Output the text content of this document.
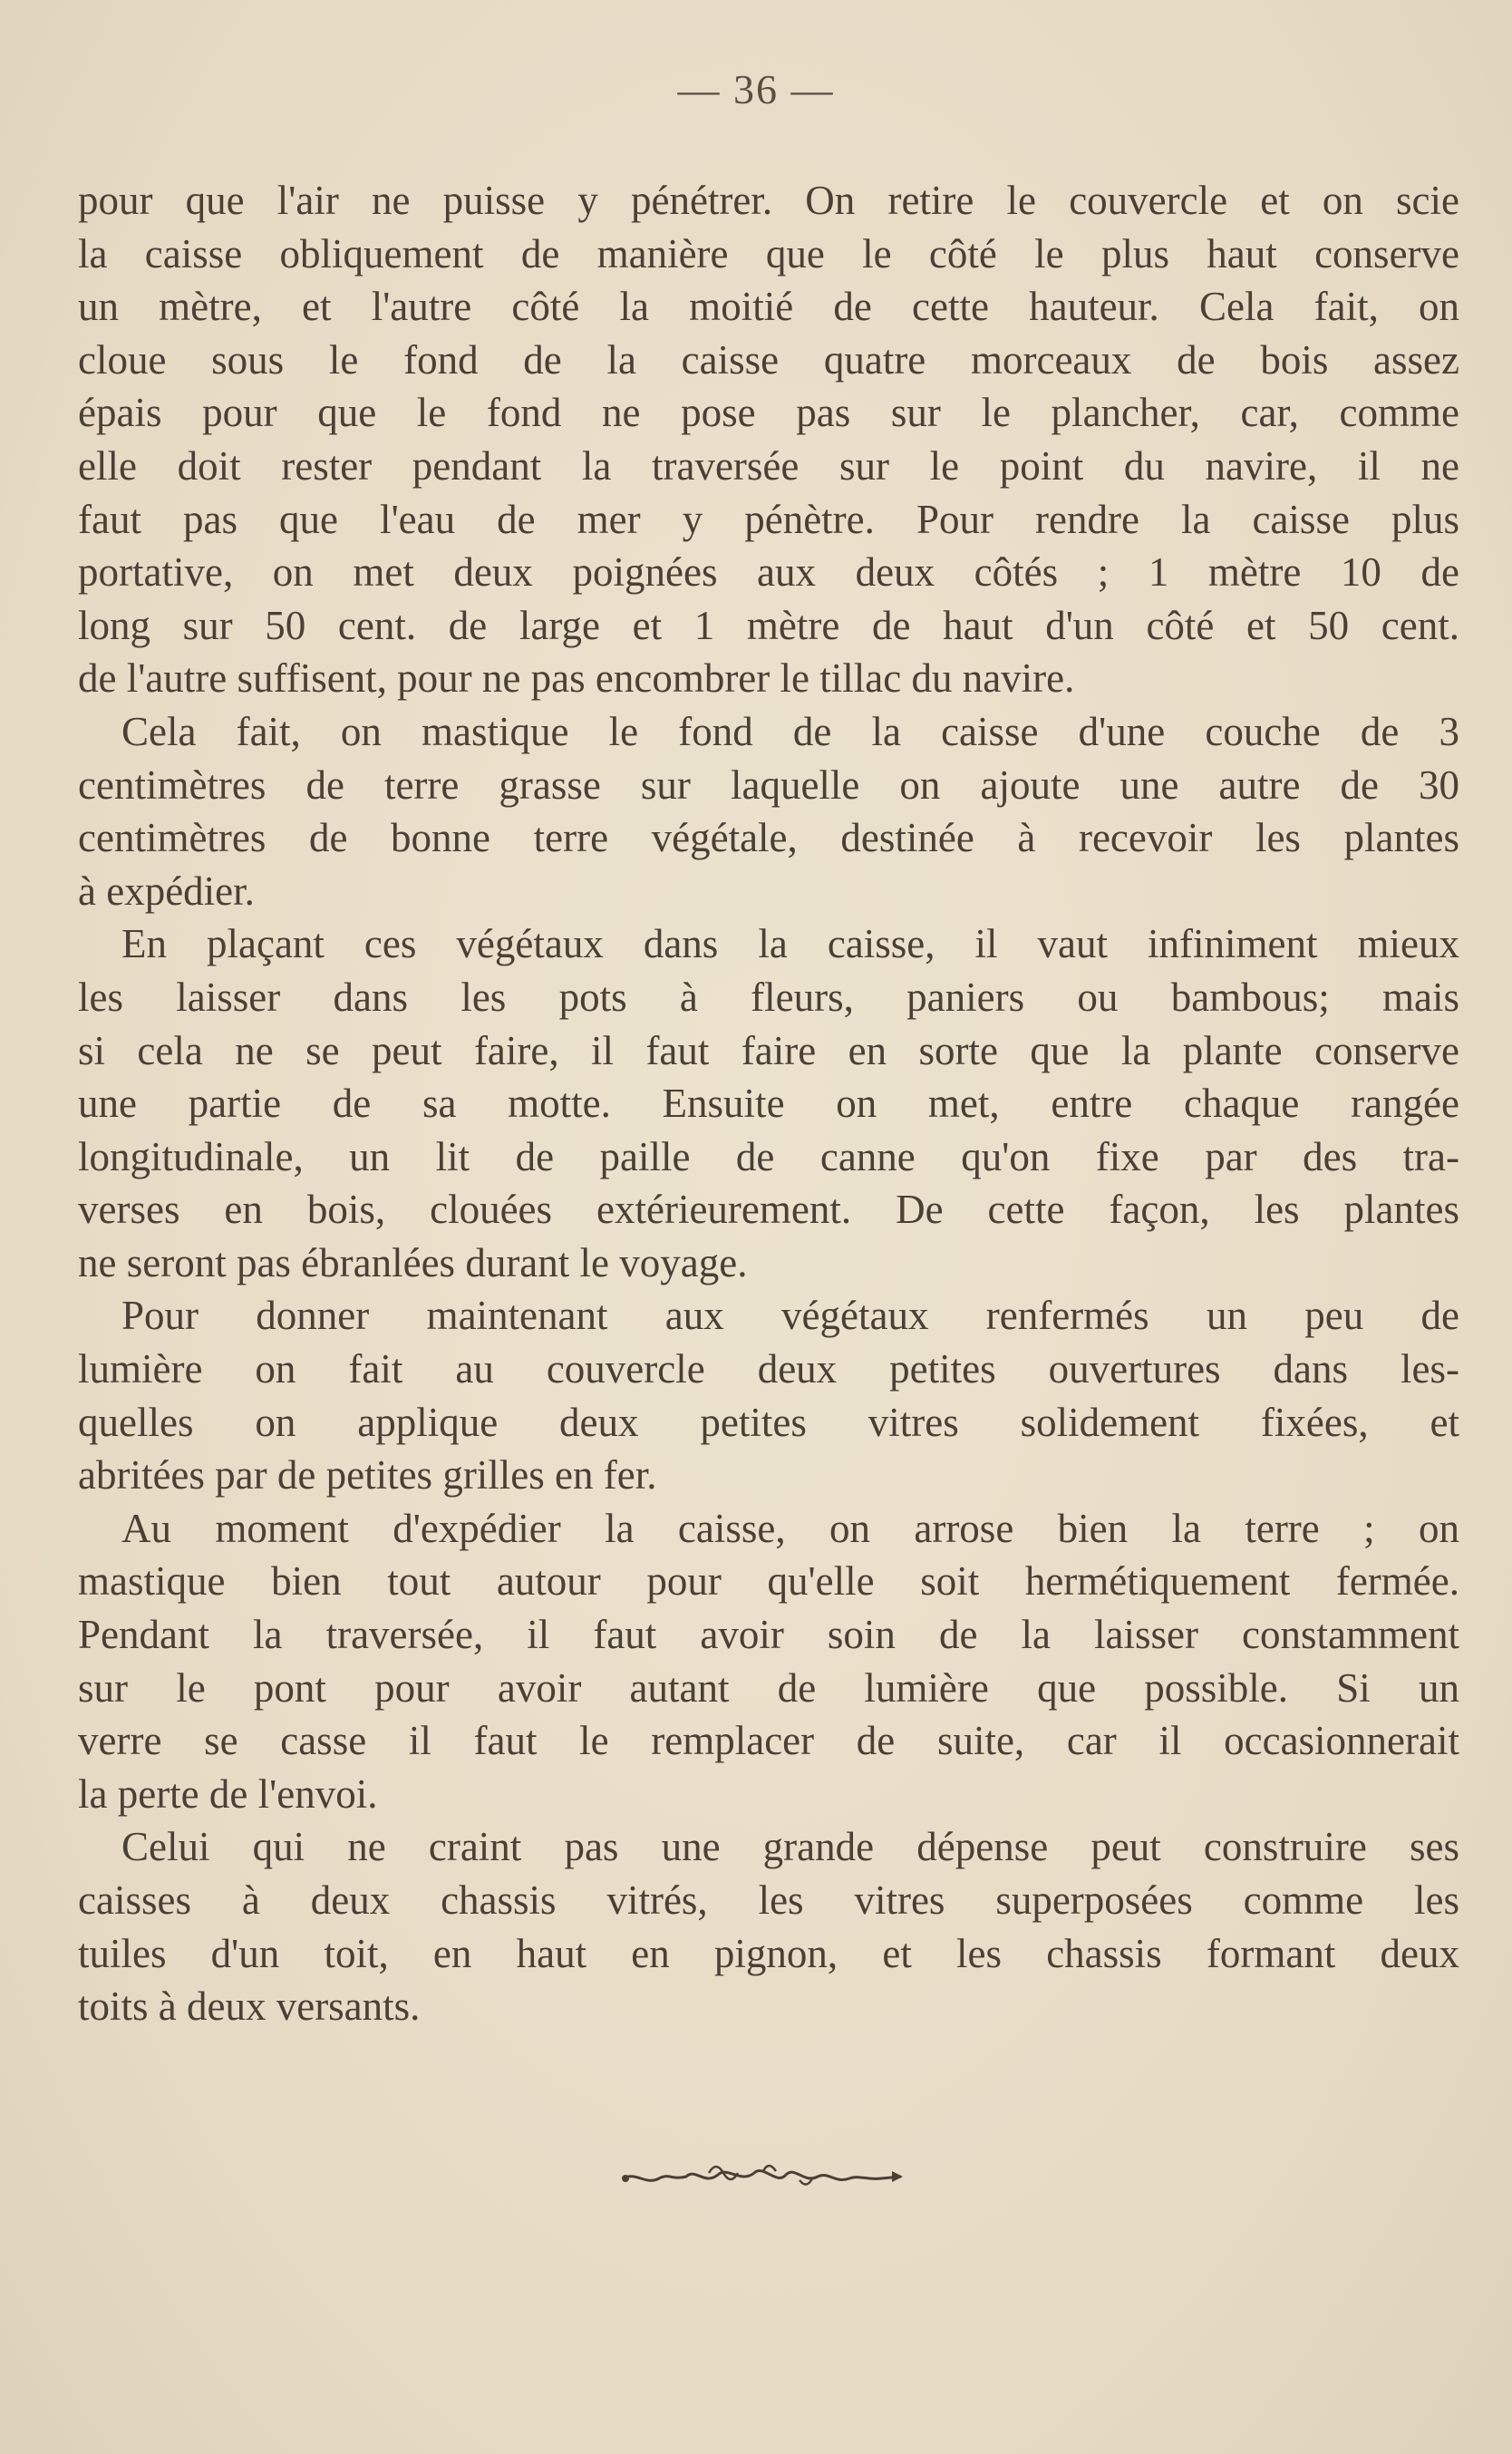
— 36 —
pour que l'air ne puisse y pénétrer. On retire le couvercle et on scie
la caisse obliquement de manière que le côté le plus haut conserve
un mètre, et l'autre côté la moitié de cette hauteur. Cela fait, on
cloue sous le fond de la caisse quatre morceaux de bois assez
épais pour que le fond ne pose pas sur le plancher, car, comme
elle doit rester pendant la traversée sur le point du navire, il ne
faut pas que l'eau de mer y pénètre. Pour rendre la caisse plus
portative, on met deux poignées aux deux côtés ; 1 mètre 10 de
long sur 50 cent. de large et 1 mètre de haut d'un côté et 50 cent.
de l'autre suffisent, pour ne pas encombrer le tillac du navire.
Cela fait, on mastique le fond de la caisse d'une couche de 3
centimètres de terre grasse sur laquelle on ajoute une autre de 30
centimètres de bonne terre végétale, destinée à recevoir les plantes
à expédier.
En plaçant ces végétaux dans la caisse, il vaut infiniment mieux
les laisser dans les pots à fleurs, paniers ou bambous; mais
si cela ne se peut faire, il faut faire en sorte que la plante conserve
une partie de sa motte. Ensuite on met, entre chaque rangée
longitudinale, un lit de paille de canne qu'on fixe par des tra-
verses en bois, clouées extérieurement. De cette façon, les plantes
ne seront pas ébranlées durant le voyage.
Pour donner maintenant aux végétaux renfermés un peu de
lumière on fait au couvercle deux petites ouvertures dans les-
quelles on applique deux petites vitres solidement fixées, et
abritées par de petites grilles en fer.
Au moment d'expédier la caisse, on arrose bien la terre ; on
mastique bien tout autour pour qu'elle soit hermétiquement fermée.
Pendant la traversée, il faut avoir soin de la laisser constamment
sur le pont pour avoir autant de lumière que possible. Si un
verre se casse il faut le remplacer de suite, car il occasionnerait
la perte de l'envoi.
Celui qui ne craint pas une grande dépense peut construire ses
caisses à deux chassis vitrés, les vitres superposées comme les
tuiles d'un toit, en haut en pignon, et les chassis formant deux
toits à deux versants.
